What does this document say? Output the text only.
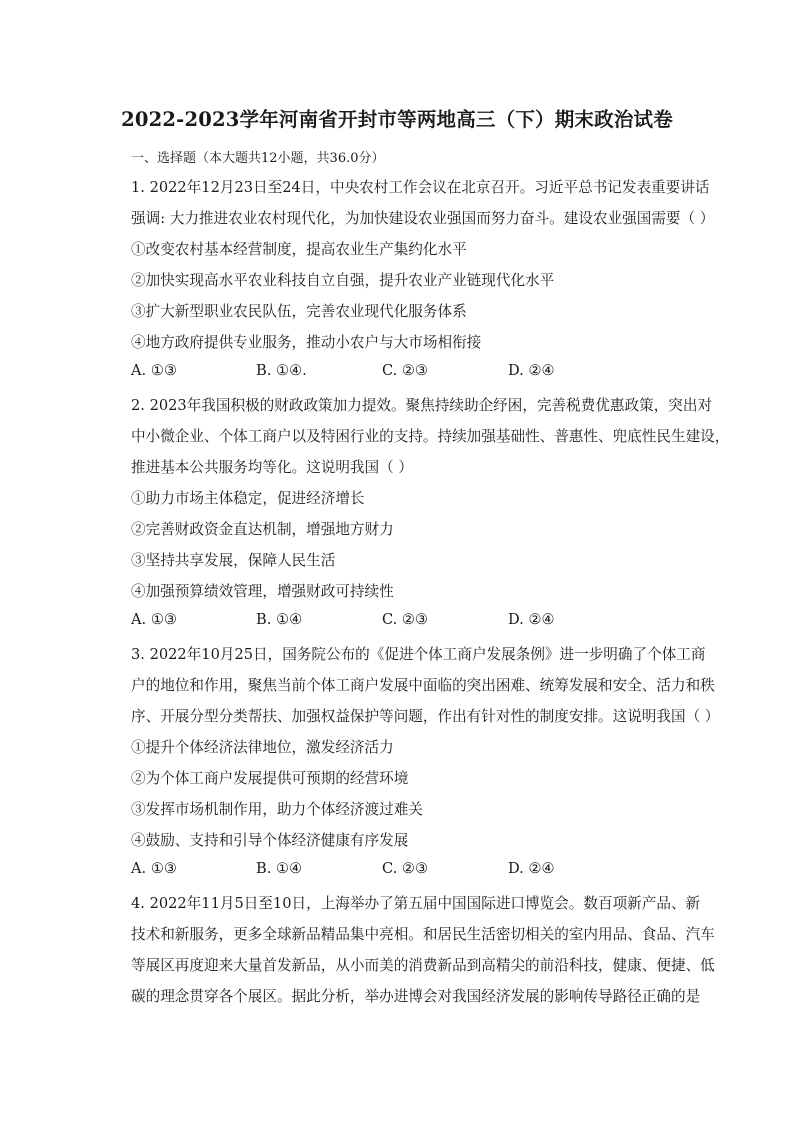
2022-2023学年河南省开封市等两地高三（下）期末政治试卷
一、选择题（本大题共12小题，共36.0分）
1. 2022年12月23日至24日，中央农村工作会议在北京召开。习近平总书记发表重要讲话
强调: 大力推进农业农村现代化，为加快建设农业强国而努力奋斗。建设农业强国需要（ ）
①改变农村基本经营制度，提高农业生产集约化水平
②加快实现高水平农业科技自立自强，提升农业产业链现代化水平
③扩大新型职业农民队伍，完善农业现代化服务体系
④地方政府提供专业服务，推动小农户与大市场相衔接
A. ①③	B. ①④.	C. ②③	D. ②④
2. 2023年我国积极的财政政策加力提效。聚焦持续助企纾困，完善税费优惠政策，突出对
中小微企业、个体工商户以及特困行业的支持。持续加强基础性、普惠性、兜底性民生建设，
推进基本公共服务均等化。这说明我国（ ）
①助力市场主体稳定，促进经济增长
②完善财政资金直达机制，增强地方财力
③坚持共享发展，保障人民生活
④加强预算绩效管理，增强财政可持续性
A. ①③	B. ①④	C. ②③	D. ②④
3. 2022年10月25日，国务院公布的《促进个体工商户发展条例》进一步明确了个体工商
户的地位和作用，聚焦当前个体工商户发展中面临的突出困难、统筹发展和安全、活力和秩
序、开展分型分类帮扶、加强权益保护等问题，作出有针对性的制度安排。这说明我国（ ）
①提升个体经济法律地位，激发经济活力
②为个体工商户发展提供可预期的经营环境
③发挥市场机制作用，助力个体经济渡过难关
④鼓励、支持和引导个体经济健康有序发展
A. ①③	B. ①④	C. ②③	D. ②④
4. 2022年11月5日至10日，上海举办了第五届中国国际进口博览会。数百项新产品、新
技术和新服务，更多全球新品精品集中亮相。和居民生活密切相关的室内用品、食品、汽车
等展区再度迎来大量首发新品，从小而美的消费新品到高精尖的前沿科技，健康、便捷、低
碳的理念贯穿各个展区。据此分析，举办进博会对我国经济发展的影响传导路径正确的是
